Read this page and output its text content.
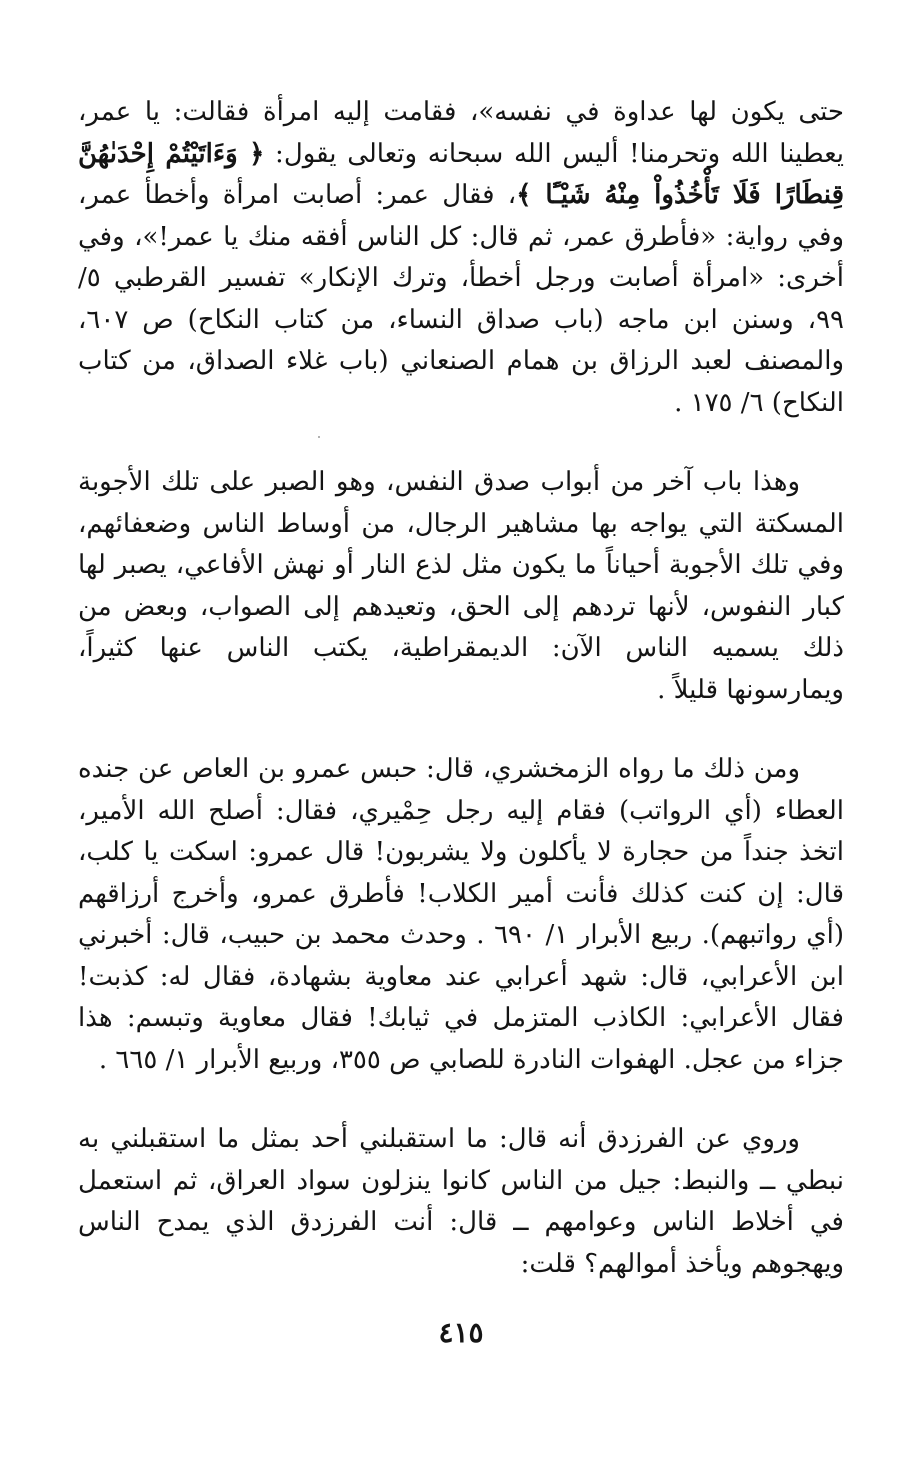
حتى يكون لها عداوة في نفسه»، فقامت إليه امرأة فقالت: يا عمر، يعطينا الله وتحرمنا! أليس الله سبحانه وتعالى يقول: ﴿ وَءَاتَيْتُمْ إِحْدَىٰهُنَّ قِنطَارًا فَلَا تَأْخُذُواْ مِنْهُ شَيْـًٔا ﴾، فقال عمر: أصابت امرأة وأخطأ عمر، وفي رواية: «فأطرق عمر، ثم قال: كل الناس أفقه منك يا عمر!»، وفي أخرى: «امرأة أصابت ورجل أخطأ، وترك الإنكار» تفسير القرطبي ٥/ ٩٩، وسنن ابن ماجه (باب صداق النساء، من كتاب النكاح) ص ٦٠٧، والمصنف لعبد الرزاق بن همام الصنعاني (باب غلاء الصداق، من كتاب النكاح) ٦/ ١٧٥ .

وهذا باب آخر من أبواب صدق النفس، وهو الصبر على تلك الأجوبة المسكتة التي يواجه بها مشاهير الرجال، من أوساط الناس وضعفائهم، وفي تلك الأجوبة أحياناً ما يكون مثل لذع النار أو نهش الأفاعي، يصبر لها كبار النفوس، لأنها تردهم إلى الحق، وتعيدهم إلى الصواب، وبعض من ذلك يسميه الناس الآن: الديمقراطية، يكتب الناس عنها كثيراً، ويمارسونها قليلاً .

ومن ذلك ما رواه الزمخشري، قال: حبس عمرو بن العاص عن جنده العطاء (أي الرواتب) فقام إليه رجل حِمْيري، فقال: أصلح الله الأمير، اتخذ جنداً من حجارة لا يأكلون ولا يشربون! قال عمرو: اسكت يا كلب، قال: إن كنت كذلك فأنت أمير الكلاب! فأطرق عمرو، وأخرج أرزاقهم (أي رواتبهم). ربيع الأبرار ١/ ٦٩٠ . وحدث محمد بن حبيب، قال: أخبرني ابن الأعرابي، قال: شهد أعرابي عند معاوية بشهادة، فقال له: كذبت! فقال الأعرابي: الكاذب المتزمل في ثيابك! فقال معاوية وتبسم: هذا جزاء من عجل. الهفوات النادرة للصابي ص ٣٥٥، وربيع الأبرار ١/ ٦٦٥ .

وروي عن الفرزدق أنه قال: ما استقبلني أحد بمثل ما استقبلني به نبطي ــ والنبط: جيل من الناس كانوا ينزلون سواد العراق، ثم استعمل في أخلاط الناس وعوامهم ــ قال: أنت الفرزدق الذي يمدح الناس ويهجوهم ويأخذ أموالهم؟ قلت:

٤١٥
